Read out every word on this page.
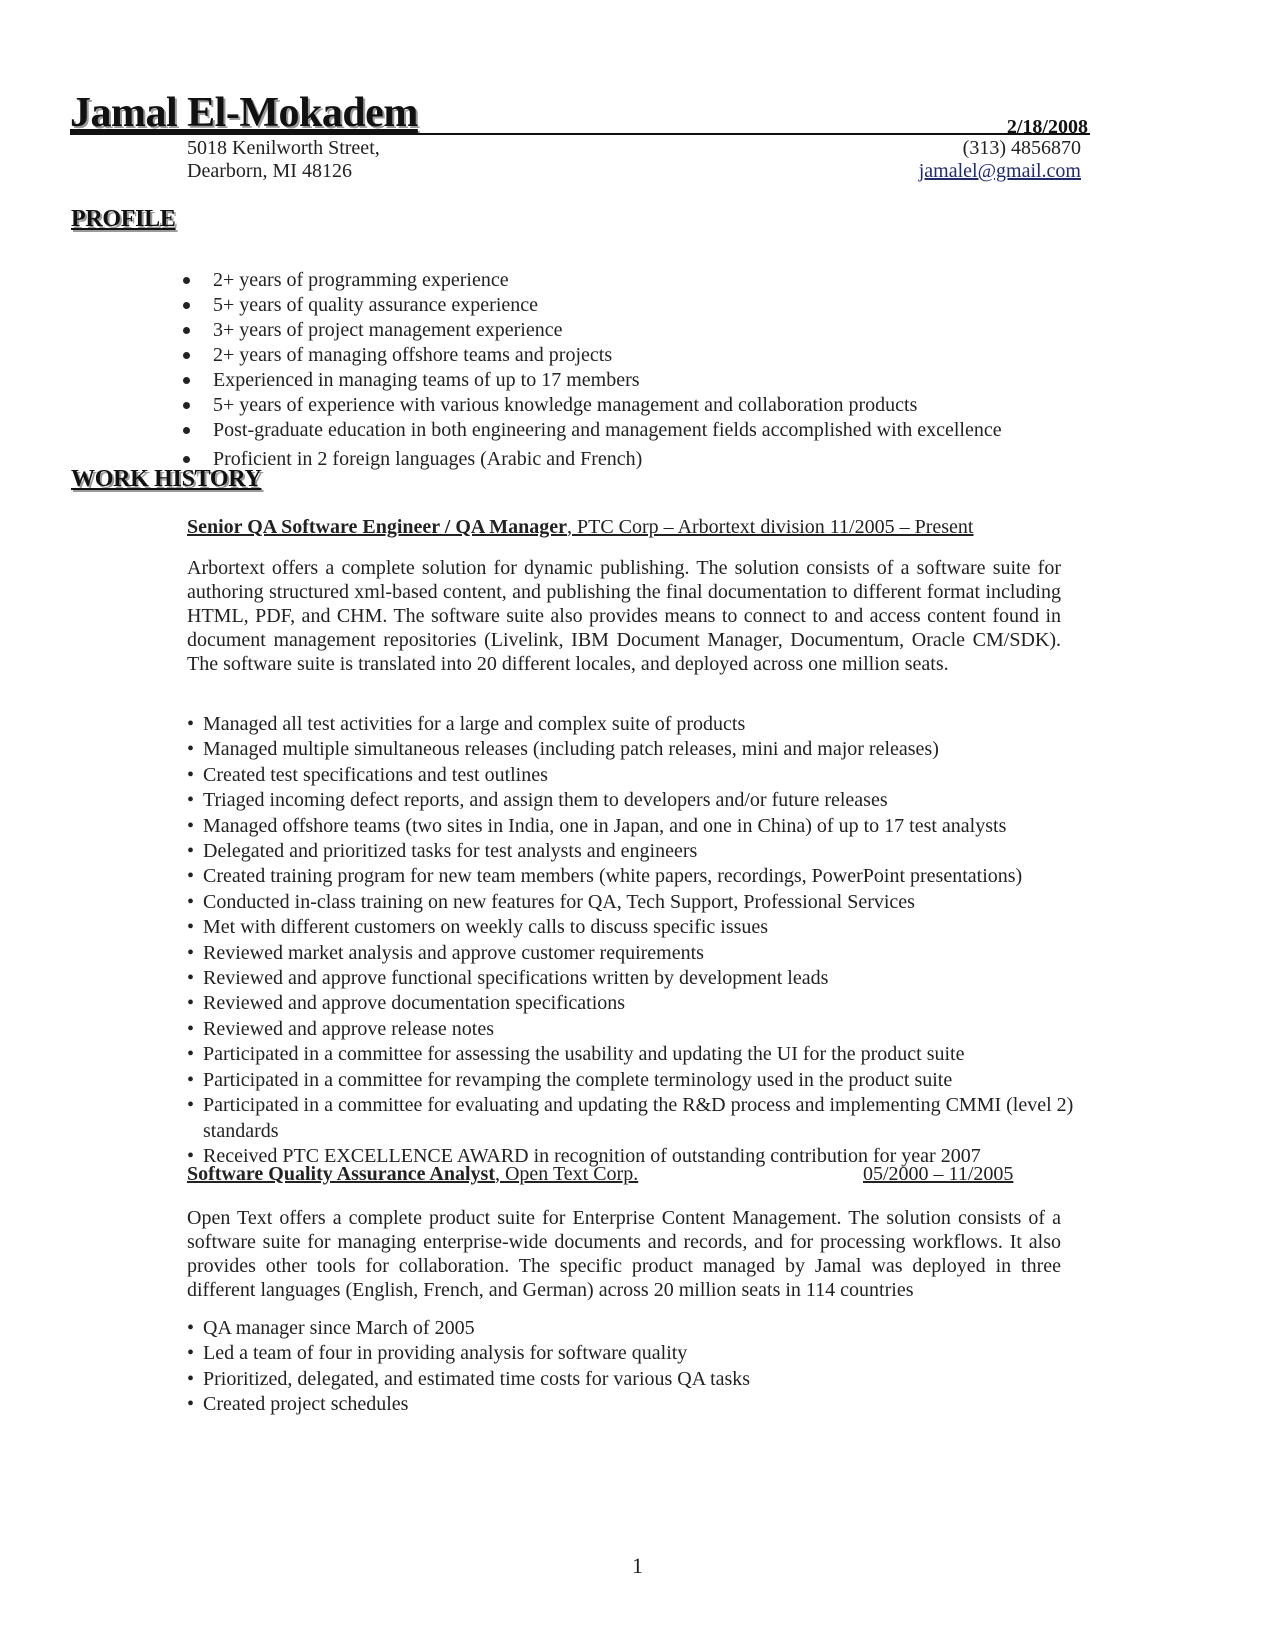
Jamal El-Mokadem	2/18/2008
5018 Kenilworth Street,
Dearborn, MI 48126
(313) 4856870
jamalel@gmail.com
PROFILE
2+ years of programming experience
5+ years of quality assurance experience
3+ years of project management experience
2+ years of managing offshore teams and projects
Experienced in managing teams of up to 17 members
5+ years of experience with various knowledge management and collaboration products
Post-graduate education in both engineering and management fields accomplished with excellence
Proficient in 2 foreign languages (Arabic and French)
WORK HISTORY
Senior QA Software Engineer / QA Manager, PTC Corp – Arbortext division 11/2005 – Present

Arbortext offers a complete solution for dynamic publishing. The solution consists of a software suite for authoring structured xml-based content, and publishing the final documentation to different format including HTML, PDF, and CHM. The software suite also provides means to connect to and access content found in document management repositories (Livelink, IBM Document Manager, Documentum, Oracle CM/SDK). The software suite is translated into 20 different locales, and deployed across one million seats.

• Managed all test activities for a large and complex suite of products
• Managed multiple simultaneous releases (including patch releases, mini and major releases)
• Created test specifications and test outlines
• Triaged incoming defect reports, and assign them to developers and/or future releases
• Managed offshore teams (two sites in India, one in Japan, and one in China) of up to 17 test analysts
• Delegated and prioritized tasks for test analysts and engineers
• Created training program for new team members (white papers, recordings, PowerPoint presentations)
• Conducted in-class training on new features for QA, Tech Support, Professional Services
• Met with different customers on weekly calls to discuss specific issues
• Reviewed market analysis and approve customer requirements
• Reviewed and approve functional specifications written by development leads
• Reviewed and approve documentation specifications
• Reviewed and approve release notes
• Participated in a committee for assessing the usability and updating the UI for the product suite
• Participated in a committee for revamping the complete terminology used in the product suite
• Participated in a committee for evaluating and updating the R&D process and implementing CMMI (level 2) standards
• Received PTC EXCELLENCE AWARD in recognition of outstanding contribution for year 2007
Software Quality Assurance Analyst, Open Text Corp.	05/2000 – 11/2005

Open Text offers a complete product suite for Enterprise Content Management. The solution consists of a software suite for managing enterprise-wide documents and records, and for processing workflows. It also provides other tools for collaboration. The specific product managed by Jamal was deployed in three different languages (English, French, and German) across 20 million seats in 114 countries

• QA manager since March of 2005
• Led a team of four in providing analysis for software quality
• Prioritized, delegated, and estimated time costs for various QA tasks
• Created project schedules
1
